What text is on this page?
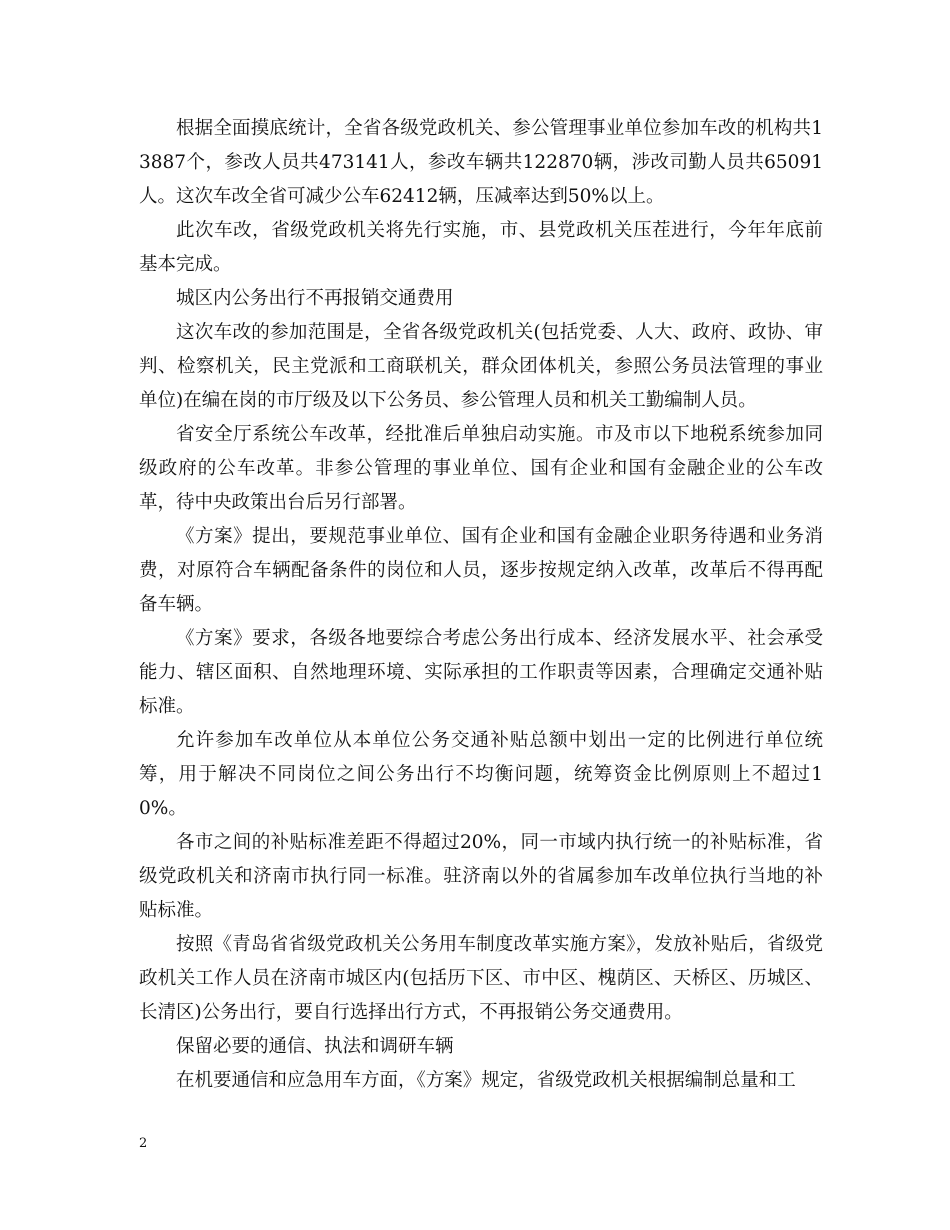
根据全面摸底统计，全省各级党政机关、参公管理事业单位参加车改的机构共13887个，参改人员共473141人，参改车辆共122870辆，涉改司勤人员共65091人。这次车改全省可减少公车62412辆，压减率达到50%以上。

此次车改，省级党政机关将先行实施，市、县党政机关压茬进行，今年年底前基本完成。

城区内公务出行不再报销交通费用

这次车改的参加范围是，全省各级党政机关(包括党委、人大、政府、政协、审判、检察机关，民主党派和工商联机关，群众团体机关，参照公务员法管理的事业单位)在编在岗的市厅级及以下公务员、参公管理人员和机关工勤编制人员。

省安全厅系统公车改革，经批准后单独启动实施。市及市以下地税系统参加同级政府的公车改革。非参公管理的事业单位、国有企业和国有金融企业的公车改革，待中央政策出台后另行部署。

《方案》提出，要规范事业单位、国有企业和国有金融企业职务待遇和业务消费，对原符合车辆配备条件的岗位和人员，逐步按规定纳入改革，改革后不得再配备车辆。

《方案》要求，各级各地要综合考虑公务出行成本、经济发展水平、社会承受能力、辖区面积、自然地理环境、实际承担的工作职责等因素，合理确定交通补贴标准。

允许参加车改单位从本单位公务交通补贴总额中划出一定的比例进行单位统筹，用于解决不同岗位之间公务出行不均衡问题，统筹资金比例原则上不超过10%。

各市之间的补贴标准差距不得超过20%，同一市域内执行统一的补贴标准，省级党政机关和济南市执行同一标准。驻济南以外的省属参加车改单位执行当地的补贴标准。

按照《青岛省省级党政机关公务用车制度改革实施方案》，发放补贴后，省级党政机关工作人员在济南市城区内(包括历下区、市中区、槐荫区、天桥区、历城区、长清区)公务出行，要自行选择出行方式，不再报销公务交通费用。

保留必要的通信、执法和调研车辆

在机要通信和应急用车方面，《方案》规定，省级党政机关根据编制总量和工

2
